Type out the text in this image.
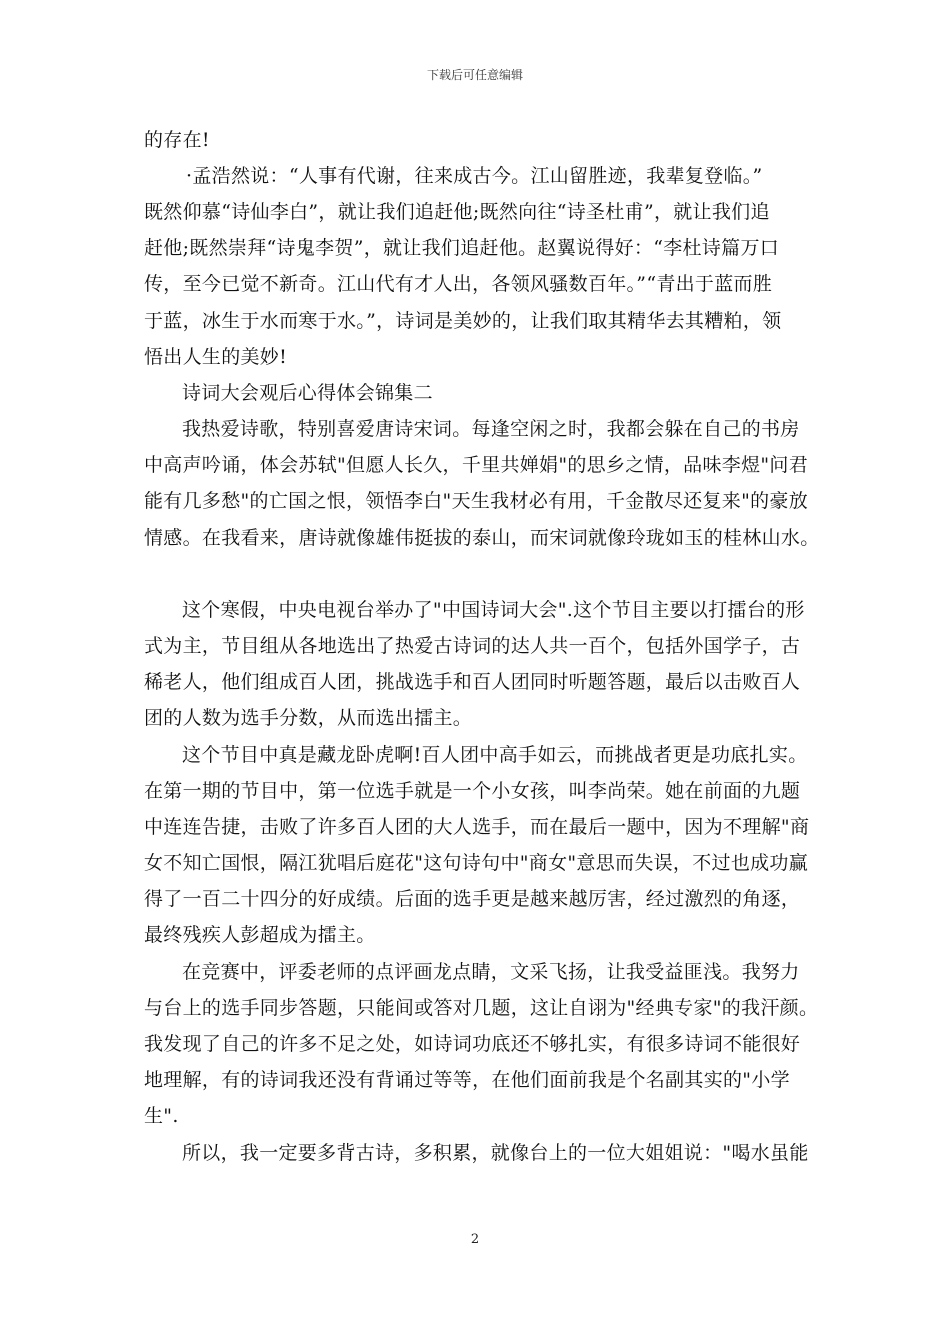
下载后可任意编辑
的存在!
·孟浩然说：“人事有代谢，往来成古今。江山留胜迹，我辈复登临。”
既然仰慕“诗仙李白”，就让我们追赶他;既然向往“诗圣杜甫”，就让我们追
赶他;既然崇拜“诗鬼李贺”，就让我们追赶他。赵翼说得好：“李杜诗篇万口
传，至今已觉不新奇。江山代有才人出，各领风骚数百年。”“青出于蓝而胜
于蓝，冰生于水而寒于水。”，诗词是美妙的，让我们取其精华去其糟粕，领
悟出人生的美妙!
诗词大会观后心得体会锦集二
我热爱诗歌，特别喜爱唐诗宋词。每逢空闲之时，我都会躲在自己的书房
中高声吟诵，体会苏轼"但愿人长久，千里共婵娟"的思乡之情，品味李煜"问君
能有几多愁"的亡国之恨，领悟李白"天生我材必有用，千金散尽还复来"的豪放
情感。在我看来，唐诗就像雄伟挺拔的泰山，而宋词就像玲珑如玉的桂林山水。
这个寒假，中央电视台举办了"中国诗词大会".这个节目主要以打擂台的形
式为主，节目组从各地选出了热爱古诗词的达人共一百个，包括外国学子，古
稀老人，他们组成百人团，挑战选手和百人团同时听题答题，最后以击败百人
团的人数为选手分数，从而选出擂主。
这个节目中真是藏龙卧虎啊!百人团中高手如云，而挑战者更是功底扎实。
在第一期的节目中，第一位选手就是一个小女孩，叫李尚荣。她在前面的九题
中连连告捷，击败了许多百人团的大人选手，而在最后一题中，因为不理解"商
女不知亡国恨，隔江犹唱后庭花"这句诗句中"商女"意思而失误，不过也成功赢
得了一百二十四分的好成绩。后面的选手更是越来越厉害，经过激烈的角逐，
最终残疾人彭超成为擂主。
在竞赛中，评委老师的点评画龙点睛，文采飞扬，让我受益匪浅。我努力
与台上的选手同步答题，只能间或答对几题，这让自诩为"经典专家"的我汗颜。
我发现了自己的许多不足之处，如诗词功底还不够扎实，有很多诗词不能很好
地理解，有的诗词我还没有背诵过等等，在他们面前我是个名副其实的"小学
生".
所以，我一定要多背古诗，多积累，就像台上的一位大姐姐说："喝水虽能
2
